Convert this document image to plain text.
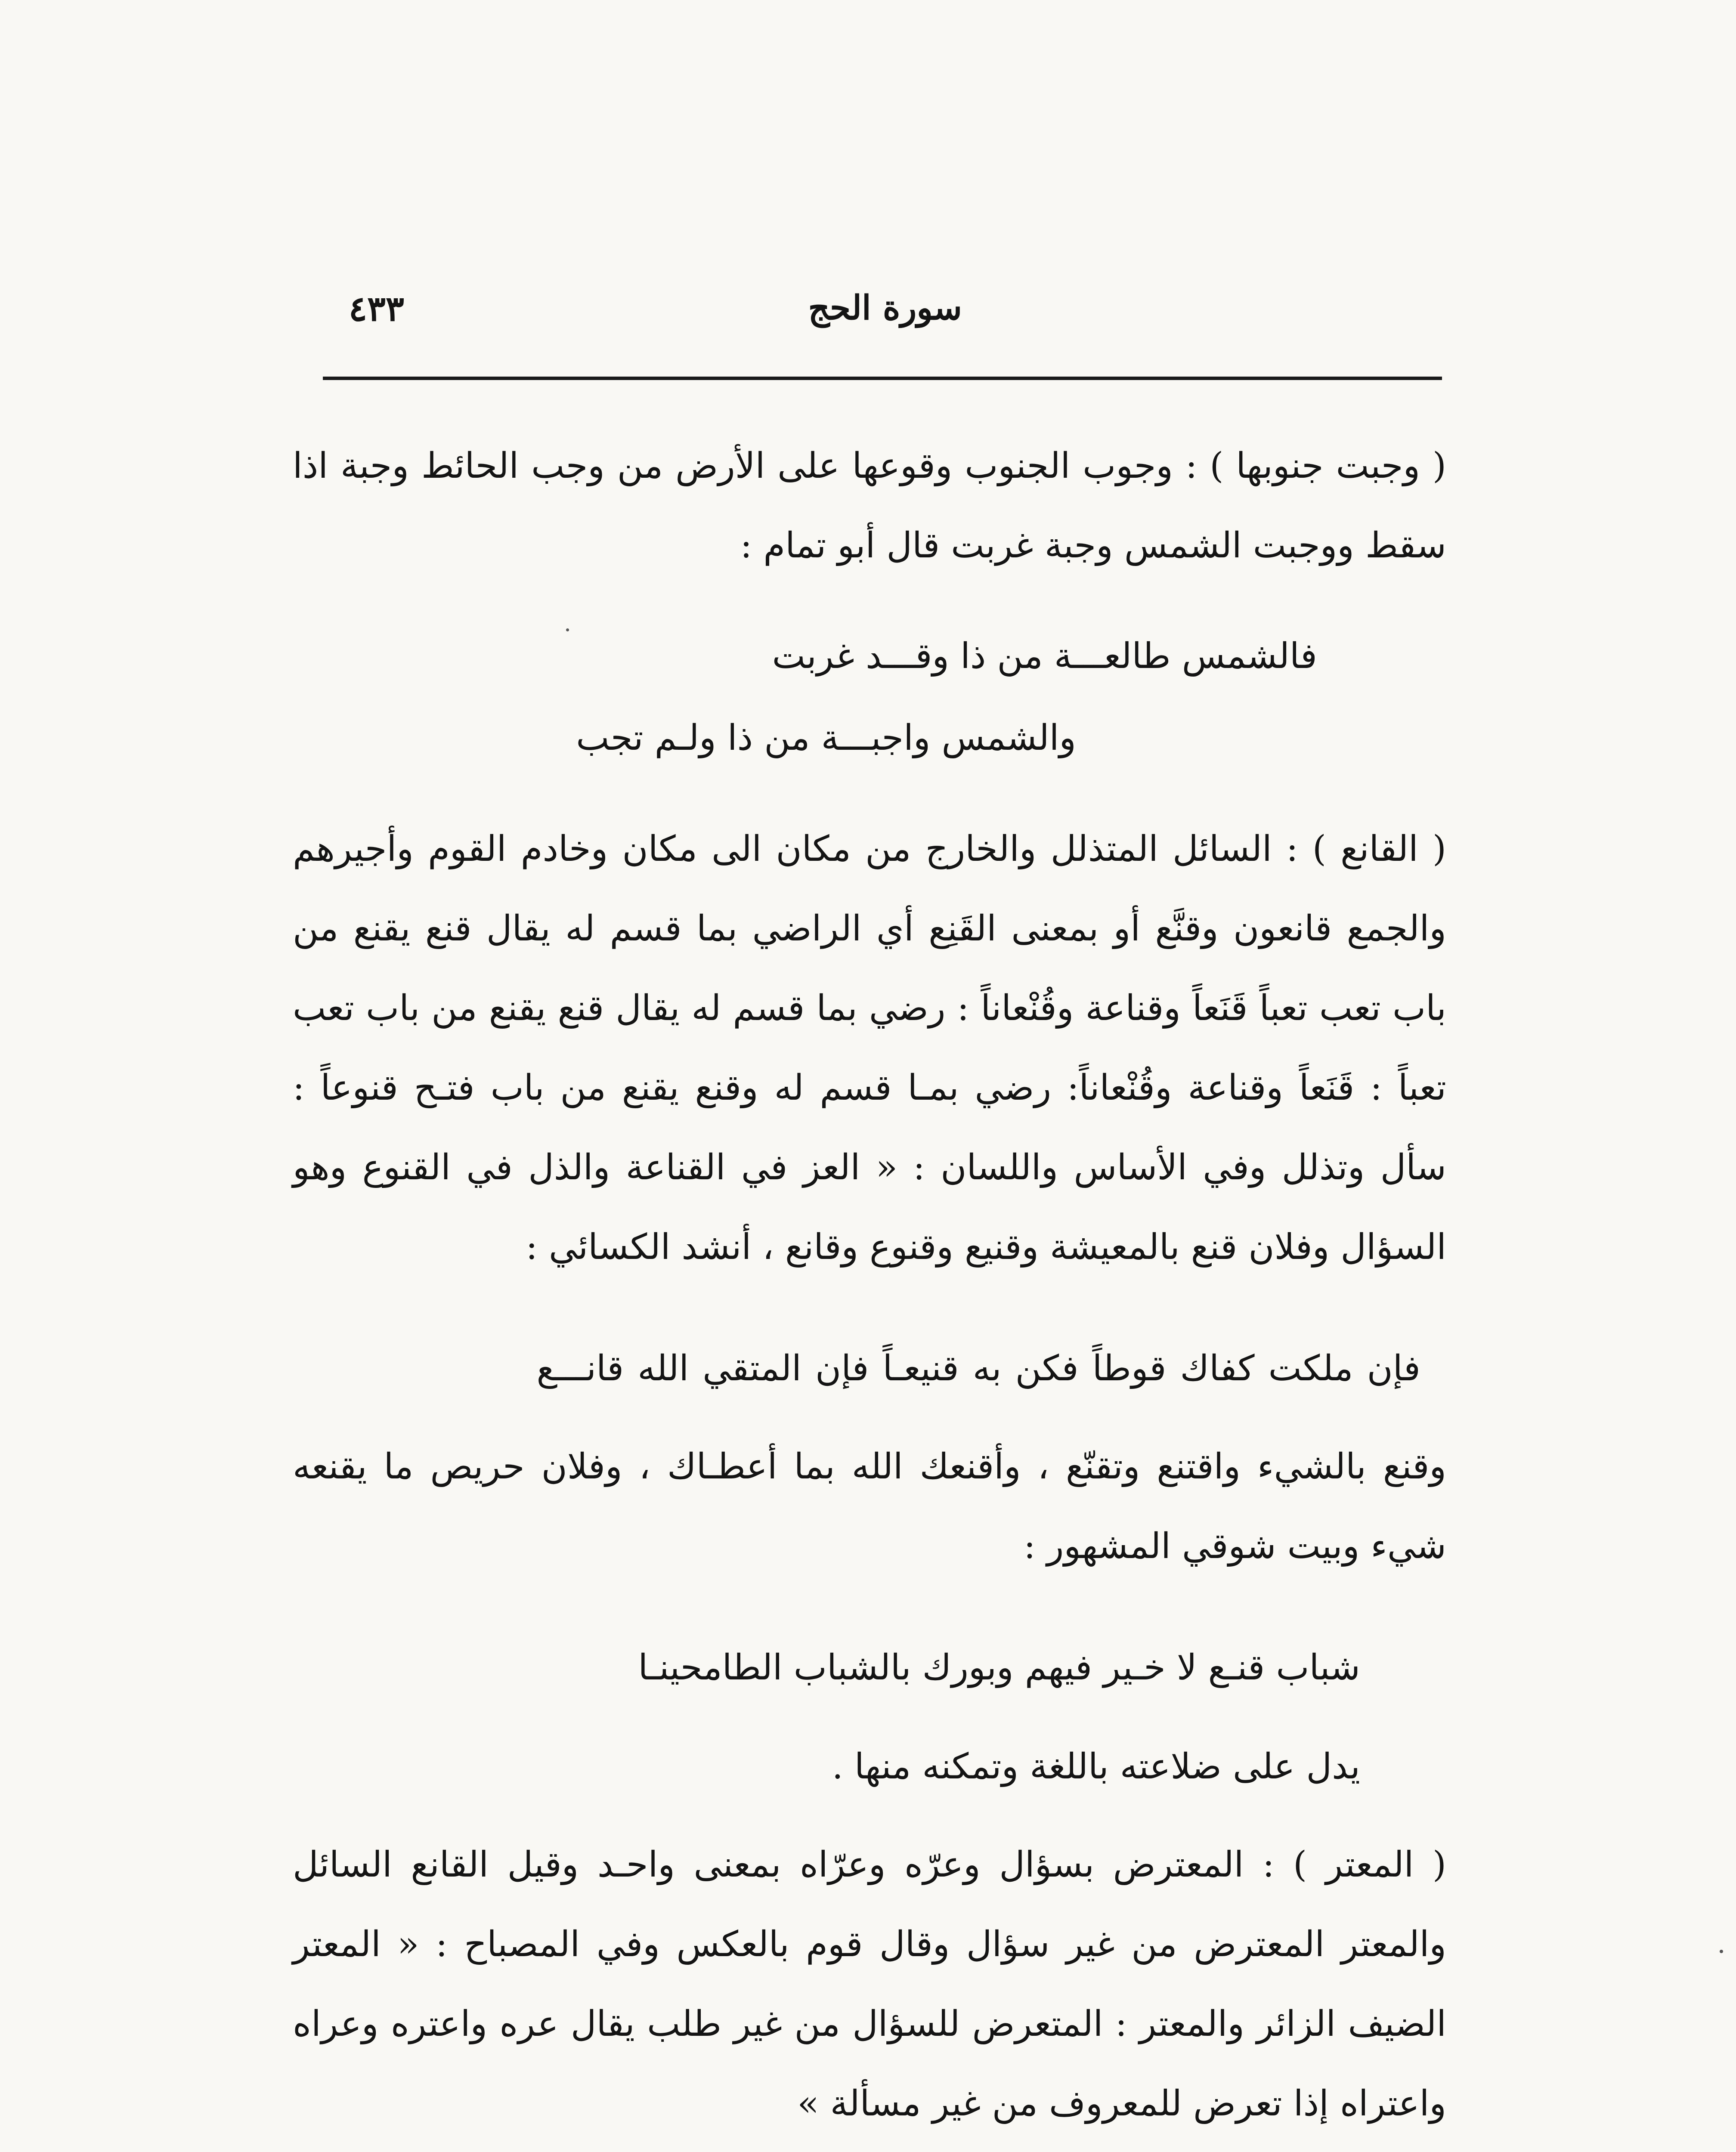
سورة الحج
٤٣٣

( وجبت جنوبها ) : وجوب الجنوب وقوعها على الأرض من وجب الحائط وجبة اذا سقط ووجبت الشمس وجبة غربت قال أبو تمام :

فالشمس طالعـــة من ذا وقـــد غربت

والشمس واجبـــة من ذا ولـم تجب

( القانع ) : السائل المتذلل والخارج من مكان الى مكان وخادم القوم وأجيرهم والجمع قانعون وقنَّع أو بمعنى القَنِع أي الراضي بما قسم له يقال قنع يقنع من باب تعب تعباً قَنَعاً وقناعة وقُنْعاناً : رضي بما قسم له يقال قنع يقنع من باب تعب تعباً : قَنَعاً وقناعة وقُنْعاناً: رضي بمـا قسم له وقنع يقنع من باب فتـح قنوعاً : سأل وتذلل وفي الأساس واللسان : « العز في القناعة والذل في القنوع وهو السؤال وفلان قنع بالمعيشة وقنيع وقنوع وقانع ، أنشد الكسائي :

فإن ملكت كفاك قوطاً فكن به قنيعـاً فإن المتقي الله قانـــع

وقنع بالشيء واقتنع وتقنّع ، وأقنعك الله بما أعطـاك ، وفلان حريص ما يقنعه شيء وبيت شوقي المشهور :

شباب قنـع لا خـير فيهم وبورك بالشباب الطامحينـا

يدل على ضلاعته باللغة وتمكنه منها .

( المعتر ) : المعترض بسؤال وعرّه وعرّاه بمعنى واحـد وقيل القانع السائل والمعتر المعترض من غير سؤال وقال قوم بالعكس وفي المصباح : « المعتر الضيف الزائر والمعتر : المتعرض للسؤال من غير طلب يقال عره واعتره وعراه واعتراه إذا تعرض للمعروف من غير مسألة »
